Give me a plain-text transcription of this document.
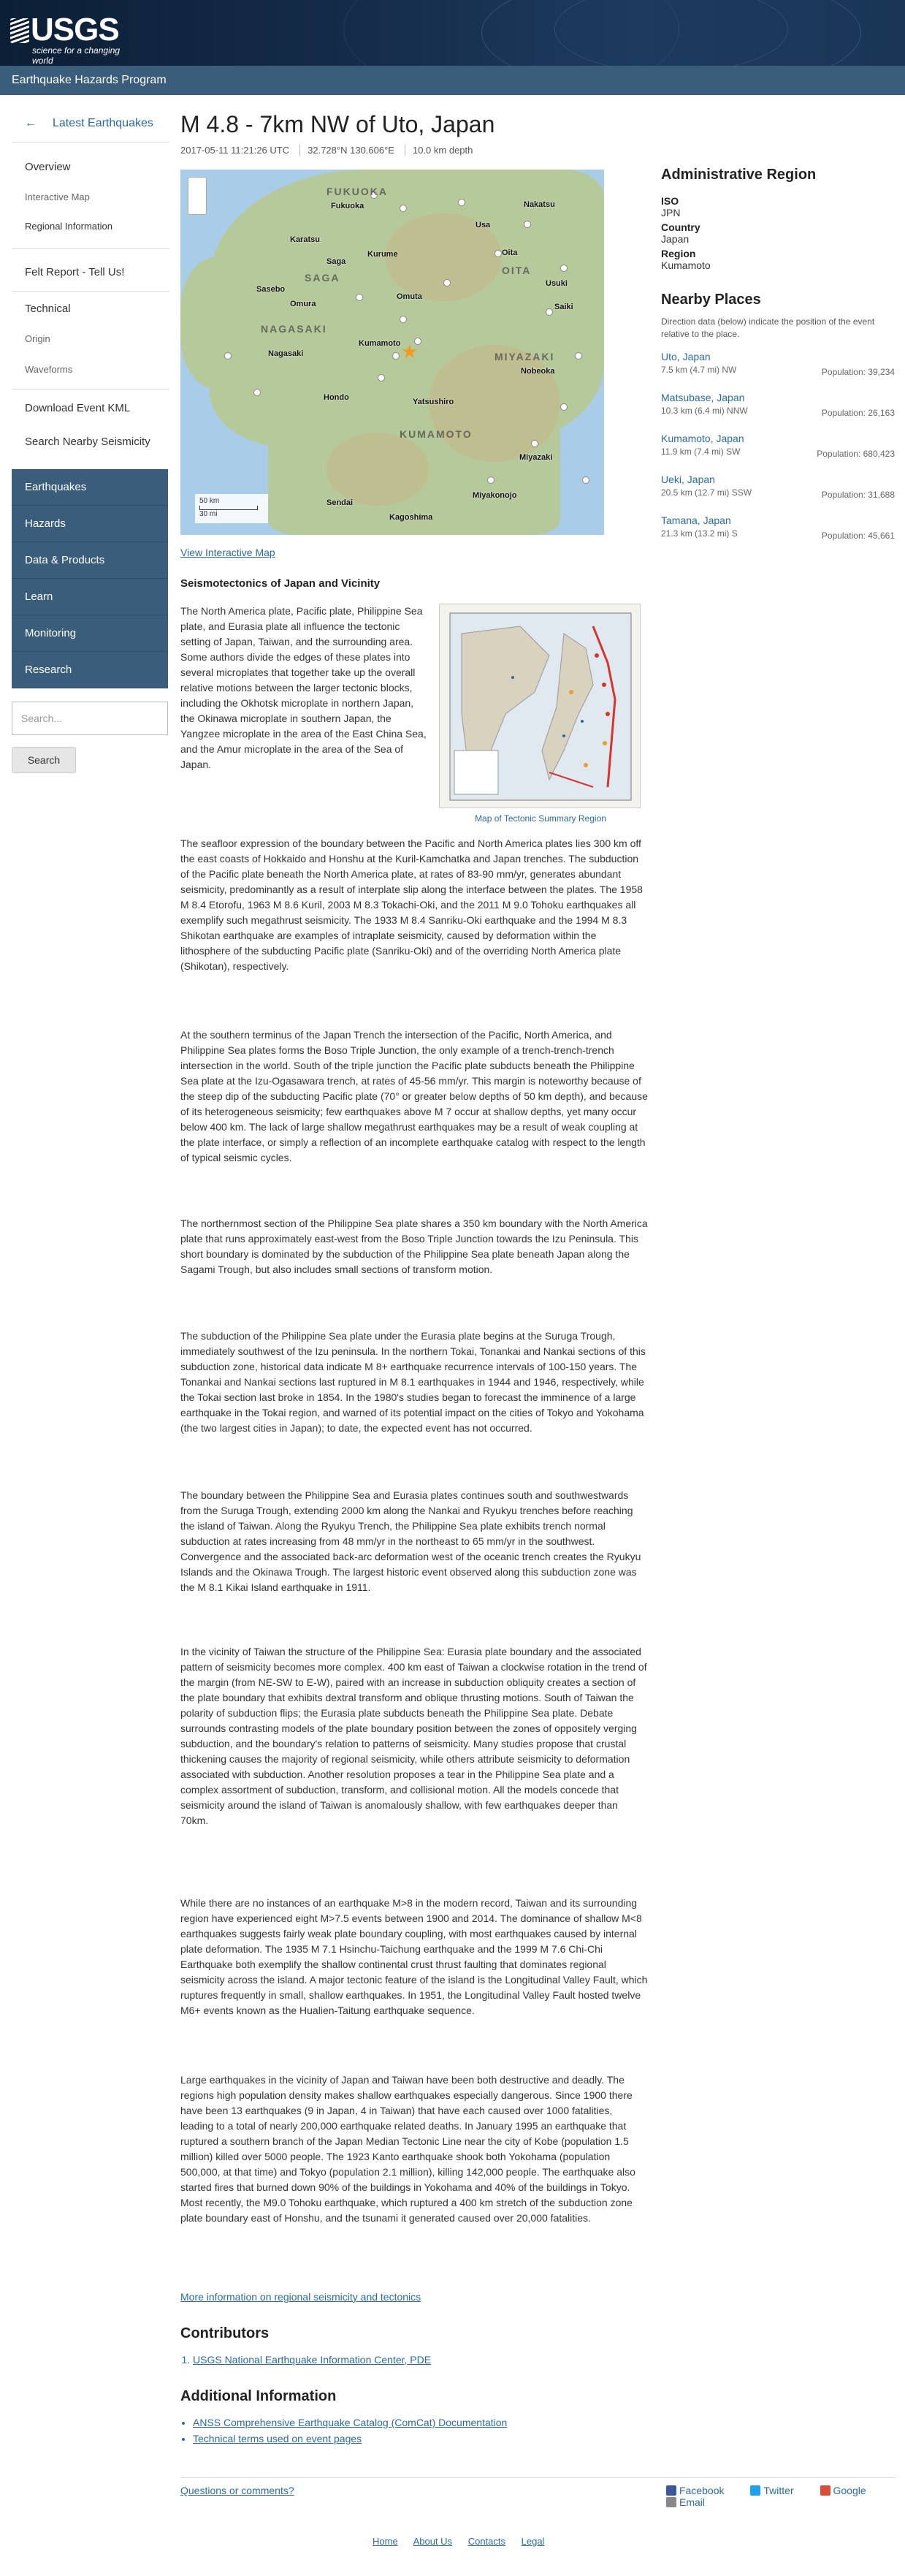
USGS
science for a changing world
Earthquake Hazards Program
← Latest Earthquakes
Overview
Interactive Map
Regional Information
Felt Report - Tell Us!
Technical
Origin
Waveforms
Download Event KML
Search Nearby Seismicity
Earthquakes
Hazards
Data & Products
Learn
Monitoring
Research
Search...
Search
M 4.8 - 7km NW of Uto, Japan
2017-05-11 11:21:26 UTC 32.728°N 130.606°E 10.0 km depth
★
Fukuoka
Karatsu
Saga
Kurume
Sasebo
Omura
Nagasaki
Kumamoto
Hondo	Yatsushiro
Oita
Usa
Nobeoka
Saiki
Usuki
Miyazaki
Sendai
Kagoshima
Miyakonojo
Nakatsu
Omuta
FUKUOKA
SAGA
NAGASAKI
KUMAMOTO
MIYAZAKI
OITA
50 km
30 mi
View Interactive Map
Seismotectonics of Japan and Vicinity
Map of Tectonic Summary Region
The North America plate, Pacific plate, Philippine Sea plate, and Eurasia plate all influence the tectonic setting of Japan, Taiwan, and the surrounding area. Some authors divide the edges of these plates into several microplates that together take up the overall relative motions between the larger tectonic blocks, including the Okhotsk microplate in northern Japan, the Okinawa microplate in southern Japan, the Yangzee microplate in the area of the East China Sea, and the Amur microplate in the area of the Sea of Japan.
The seafloor expression of the boundary between the Pacific and North America plates lies 300 km off the east coasts of Hokkaido and Honshu at the Kuril-Kamchatka and Japan trenches. The subduction of the Pacific plate beneath the North America plate, at rates of 83-90 mm/yr, generates abundant seismicity, predominantly as a result of interplate slip along the interface between the plates. The 1958 M 8.4 Etorofu, 1963 M 8.6 Kuril, 2003 M 8.3 Tokachi-Oki, and the 2011 M 9.0 Tohoku earthquakes all exemplify such megathrust seismicity. The 1933 M 8.4 Sanriku-Oki earthquake and the 1994 M 8.3 Shikotan earthquake are examples of intraplate seismicity, caused by deformation within the lithosphere of the subducting Pacific plate (Sanriku-Oki) and of the overriding North America plate (Shikotan), respectively.
At the southern terminus of the Japan Trench the intersection of the Pacific, North America, and Philippine Sea plates forms the Boso Triple Junction, the only example of a trench-trench-trench intersection in the world. South of the triple junction the Pacific plate subducts beneath the Philippine Sea plate at the Izu-Ogasawara trench, at rates of 45-56 mm/yr. This margin is noteworthy because of the steep dip of the subducting Pacific plate (70° or greater below depths of 50 km depth), and because of its heterogeneous seismicity; few earthquakes above M 7 occur at shallow depths, yet many occur below 400 km. The lack of large shallow megathrust earthquakes may be a result of weak coupling at the plate interface, or simply a reflection of an incomplete earthquake catalog with respect to the length of typical seismic cycles.
The northernmost section of the Philippine Sea plate shares a 350 km boundary with the North America plate that runs approximately east-west from the Boso Triple Junction towards the Izu Peninsula. This short boundary is dominated by the subduction of the Philippine Sea plate beneath Japan along the Sagami Trough, but also includes small sections of transform motion.
The subduction of the Philippine Sea plate under the Eurasia plate begins at the Suruga Trough, immediately southwest of the Izu peninsula. In the northern Tokai, Tonankai and Nankai sections of this subduction zone, historical data indicate M 8+ earthquake recurrence intervals of 100-150 years. The Tonankai and Nankai sections last ruptured in M 8.1 earthquakes in 1944 and 1946, respectively, while the Tokai section last broke in 1854. In the 1980's studies began to forecast the imminence of a large earthquake in the Tokai region, and warned of its potential impact on the cities of Tokyo and Yokohama (the two largest cities in Japan); to date, the expected event has not occurred.
The boundary between the Philippine Sea and Eurasia plates continues south and southwestwards from the Suruga Trough, extending 2000 km along the Nankai and Ryukyu trenches before reaching the island of Taiwan. Along the Ryukyu Trench, the Philippine Sea plate exhibits trench normal subduction at rates increasing from 48 mm/yr in the northeast to 65 mm/yr in the southwest. Convergence and the associated back-arc deformation west of the oceanic trench creates the Ryukyu Islands and the Okinawa Trough. The largest historic event observed along this subduction zone was the M 8.1 Kikai Island earthquake in 1911.
In the vicinity of Taiwan the structure of the Philippine Sea: Eurasia plate boundary and the associated pattern of seismicity becomes more complex. 400 km east of Taiwan a clockwise rotation in the trend of the margin (from NE-SW to E-W), paired with an increase in subduction obliquity creates a section of the plate boundary that exhibits dextral transform and oblique thrusting motions. South of Taiwan the polarity of subduction flips; the Eurasia plate subducts beneath the Philippine Sea plate. Debate surrounds contrasting models of the plate boundary position between the zones of oppositely verging subduction, and the boundary's relation to patterns of seismicity. Many studies propose that crustal thickening causes the majority of regional seismicity, while others attribute seismicity to deformation associated with subduction. Another resolution proposes a tear in the Philippine Sea plate and a complex assortment of subduction, transform, and collisional motion. All the models concede that seismicity around the island of Taiwan is anomalously shallow, with few earthquakes deeper than 70km.
While there are no instances of an earthquake M>8 in the modern record, Taiwan and its surrounding region have experienced eight M>7.5 events between 1900 and 2014. The dominance of shallow M<8 earthquakes suggests fairly weak plate boundary coupling, with most earthquakes caused by internal plate deformation. The 1935 M 7.1 Hsinchu-Taichung earthquake and the 1999 M 7.6 Chi-Chi Earthquake both exemplify the shallow continental crust thrust faulting that dominates regional seismicity across the island. A major tectonic feature of the island is the Longitudinal Valley Fault, which ruptures frequently in small, shallow earthquakes. In 1951, the Longitudinal Valley Fault hosted twelve M6+ events known as the Hualien-Taitung earthquake sequence.
Large earthquakes in the vicinity of Japan and Taiwan have been both destructive and deadly. The regions high population density makes shallow earthquakes especially dangerous. Since 1900 there have been 13 earthquakes (9 in Japan, 4 in Taiwan) that have each caused over 1000 fatalities, leading to a total of nearly 200,000 earthquake related deaths. In January 1995 an earthquake that ruptured a southern branch of the Japan Median Tectonic Line near the city of Kobe (population 1.5 million) killed over 5000 people. The 1923 Kanto earthquake shook both Yokohama (population 500,000, at that time) and Tokyo (population 2.1 million), killing 142,000 people. The earthquake also started fires that burned down 90% of the buildings in Yokohama and 40% of the buildings in Tokyo. Most recently, the M9.0 Tohoku earthquake, which ruptured a 400 km stretch of the subduction zone plate boundary east of Honshu, and the tsunami it generated caused over 20,000 fatalities.
More information on regional seismicity and tectonics
Contributors
1. USGS National Earthquake Information Center, PDE
Additional Information
• ANSS Comprehensive Earthquake Catalog (ComCat) Documentation
• Technical terms used on event pages
Questions or comments?	Facebook	Twitter	Google Email
Home About Us Contacts Legal
Administrative Region
ISO
JPN
Country
Japan
Region
Kumamoto
Nearby Places
Direction data (below) indicate the position of the event relative to the place.
Uto, Japan
7.5 km (4.7 mi) NW	Population: 39,234
Matsubase, Japan
10.3 km (6.4 mi) NNW	Population: 26,163
Kumamoto, Japan
11.9 km (7.4 mi) SW	Population: 680,423
Ueki, Japan
20.5 km (12.7 mi) SSW	Population: 31,688
Tamana, Japan
21.3 km (13.2 mi) S	Population: 45,661
